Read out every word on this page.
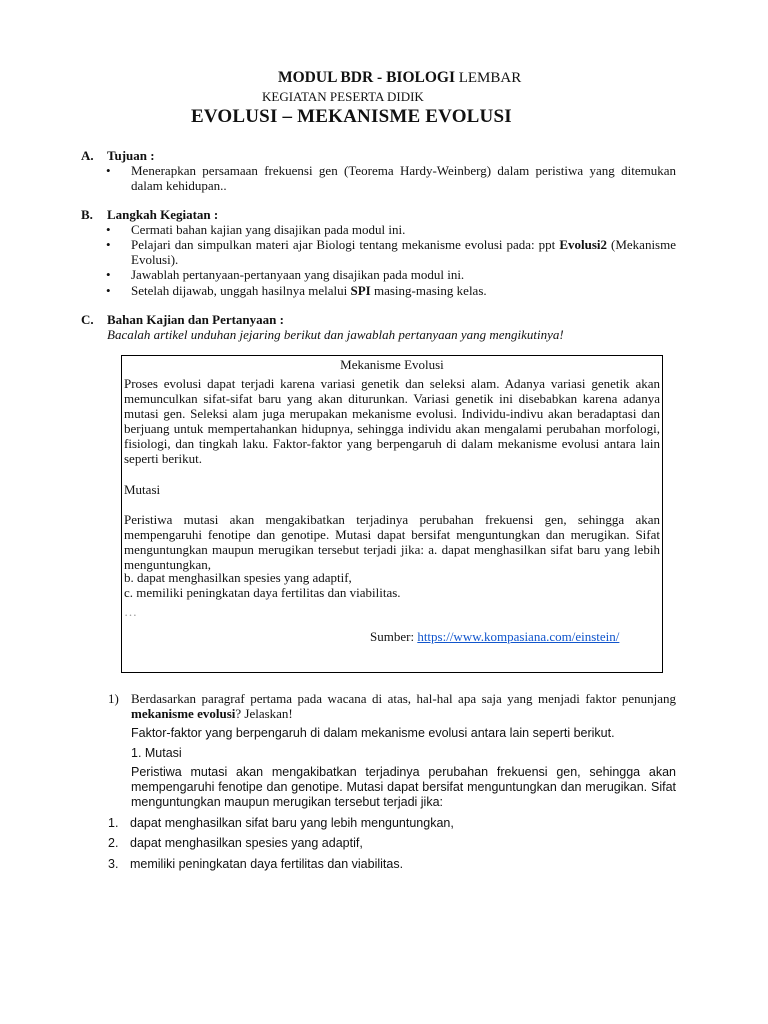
MODUL BDR - BIOLOGI LEMBAR
KEGIATAN PESERTA DIDIK
EVOLUSI – MEKANISME EVOLUSI
A. Tujuan :
• Menerapkan persamaan frekuensi gen (Teorema Hardy-Weinberg) dalam peristiwa yang ditemukan dalam kehidupan..
B. Langkah Kegiatan :
• Cermati bahan kajian yang disajikan pada modul ini.
• Pelajari dan simpulkan materi ajar Biologi tentang mekanisme evolusi pada: ppt Evolusi2 (Mekanisme Evolusi).
• Jawablah pertanyaan-pertanyaan yang disajikan pada modul ini.
• Setelah dijawab, unggah hasilnya melalui SPI masing-masing kelas.
C. Bahan Kajian dan Pertanyaan :
Bacalah artikel unduhan jejaring berikut dan jawablah pertanyaan yang mengikutinya!
Mekanisme Evolusi
Proses evolusi dapat terjadi karena variasi genetik dan seleksi alam. Adanya variasi genetik akan memunculkan sifat-sifat baru yang akan diturunkan. Variasi genetik ini disebabkan karena adanya mutasi gen. Seleksi alam juga merupakan mekanisme evolusi. Individu-indivu akan beradaptasi dan berjuang untuk mempertahankan hidupnya, sehingga individu akan mengalami perubahan morfologi, fisiologi, dan tingkah laku. Faktor-faktor yang berpengaruh di dalam mekanisme evolusi antara lain seperti berikut.
Mutasi
Peristiwa mutasi akan mengakibatkan terjadinya perubahan frekuensi gen, sehingga akan mempengaruhi fenotipe dan genotipe. Mutasi dapat bersifat menguntungkan dan merugikan. Sifat menguntungkan maupun merugikan tersebut terjadi jika: a. dapat menghasilkan sifat baru yang lebih menguntungkan,
b. dapat menghasilkan spesies yang adaptif,
c. memiliki peningkatan daya fertilitas dan viabilitas.
…
Sumber: https://www.kompasiana.com/einstein/
1) Berdasarkan paragraf pertama pada wacana di atas, hal-hal apa saja yang menjadi faktor penunjang mekanisme evolusi? Jelaskan!
Faktor-faktor yang berpengaruh di dalam mekanisme evolusi antara lain seperti berikut.
1. Mutasi
Peristiwa mutasi akan mengakibatkan terjadinya perubahan frekuensi gen, sehingga akan mempengaruhi fenotipe dan genotipe. Mutasi dapat bersifat menguntungkan dan merugikan. Sifat menguntungkan maupun merugikan tersebut terjadi jika:
1. dapat menghasilkan sifat baru yang lebih menguntungkan,
2. dapat menghasilkan spesies yang adaptif,
3. memiliki peningkatan daya fertilitas dan viabilitas.
